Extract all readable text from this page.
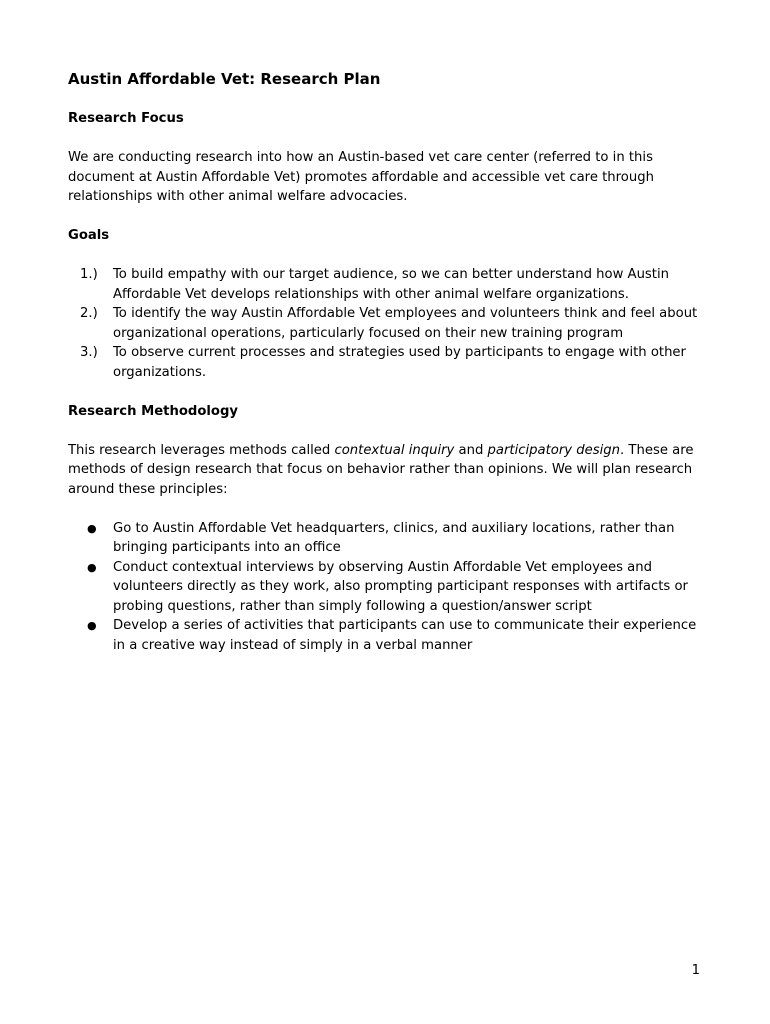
Austin Affordable Vet: Research Plan
Research Focus

We are conducting research into how an Austin-based vet care center (referred to in this document at Austin Affordable Vet) promotes affordable and accessible vet care through relationships with other animal welfare advocacies.

Goals
1.) To build empathy with our target audience, so we can better understand how Austin Affordable Vet develops relationships with other animal welfare organizations.
2.) To identify the way Austin Affordable Vet employees and volunteers think and feel about organizational operations, particularly focused on their new training program
3.) To observe current processes and strategies used by participants to engage with other organizations.
Research Methodology

This research leverages methods called contextual inquiry and participatory design. These are methods of design research that focus on behavior rather than opinions. We will plan research around these principles:

● Go to Austin Affordable Vet headquarters, clinics, and auxiliary locations, rather than bringing participants into an office
● Conduct contextual interviews by observing Austin Affordable Vet employees and volunteers directly as they work, also prompting participant responses with artifacts or probing questions, rather than simply following a question/answer script
● Develop a series of activities that participants can use to communicate their experience in a creative way instead of simply in a verbal manner
1
